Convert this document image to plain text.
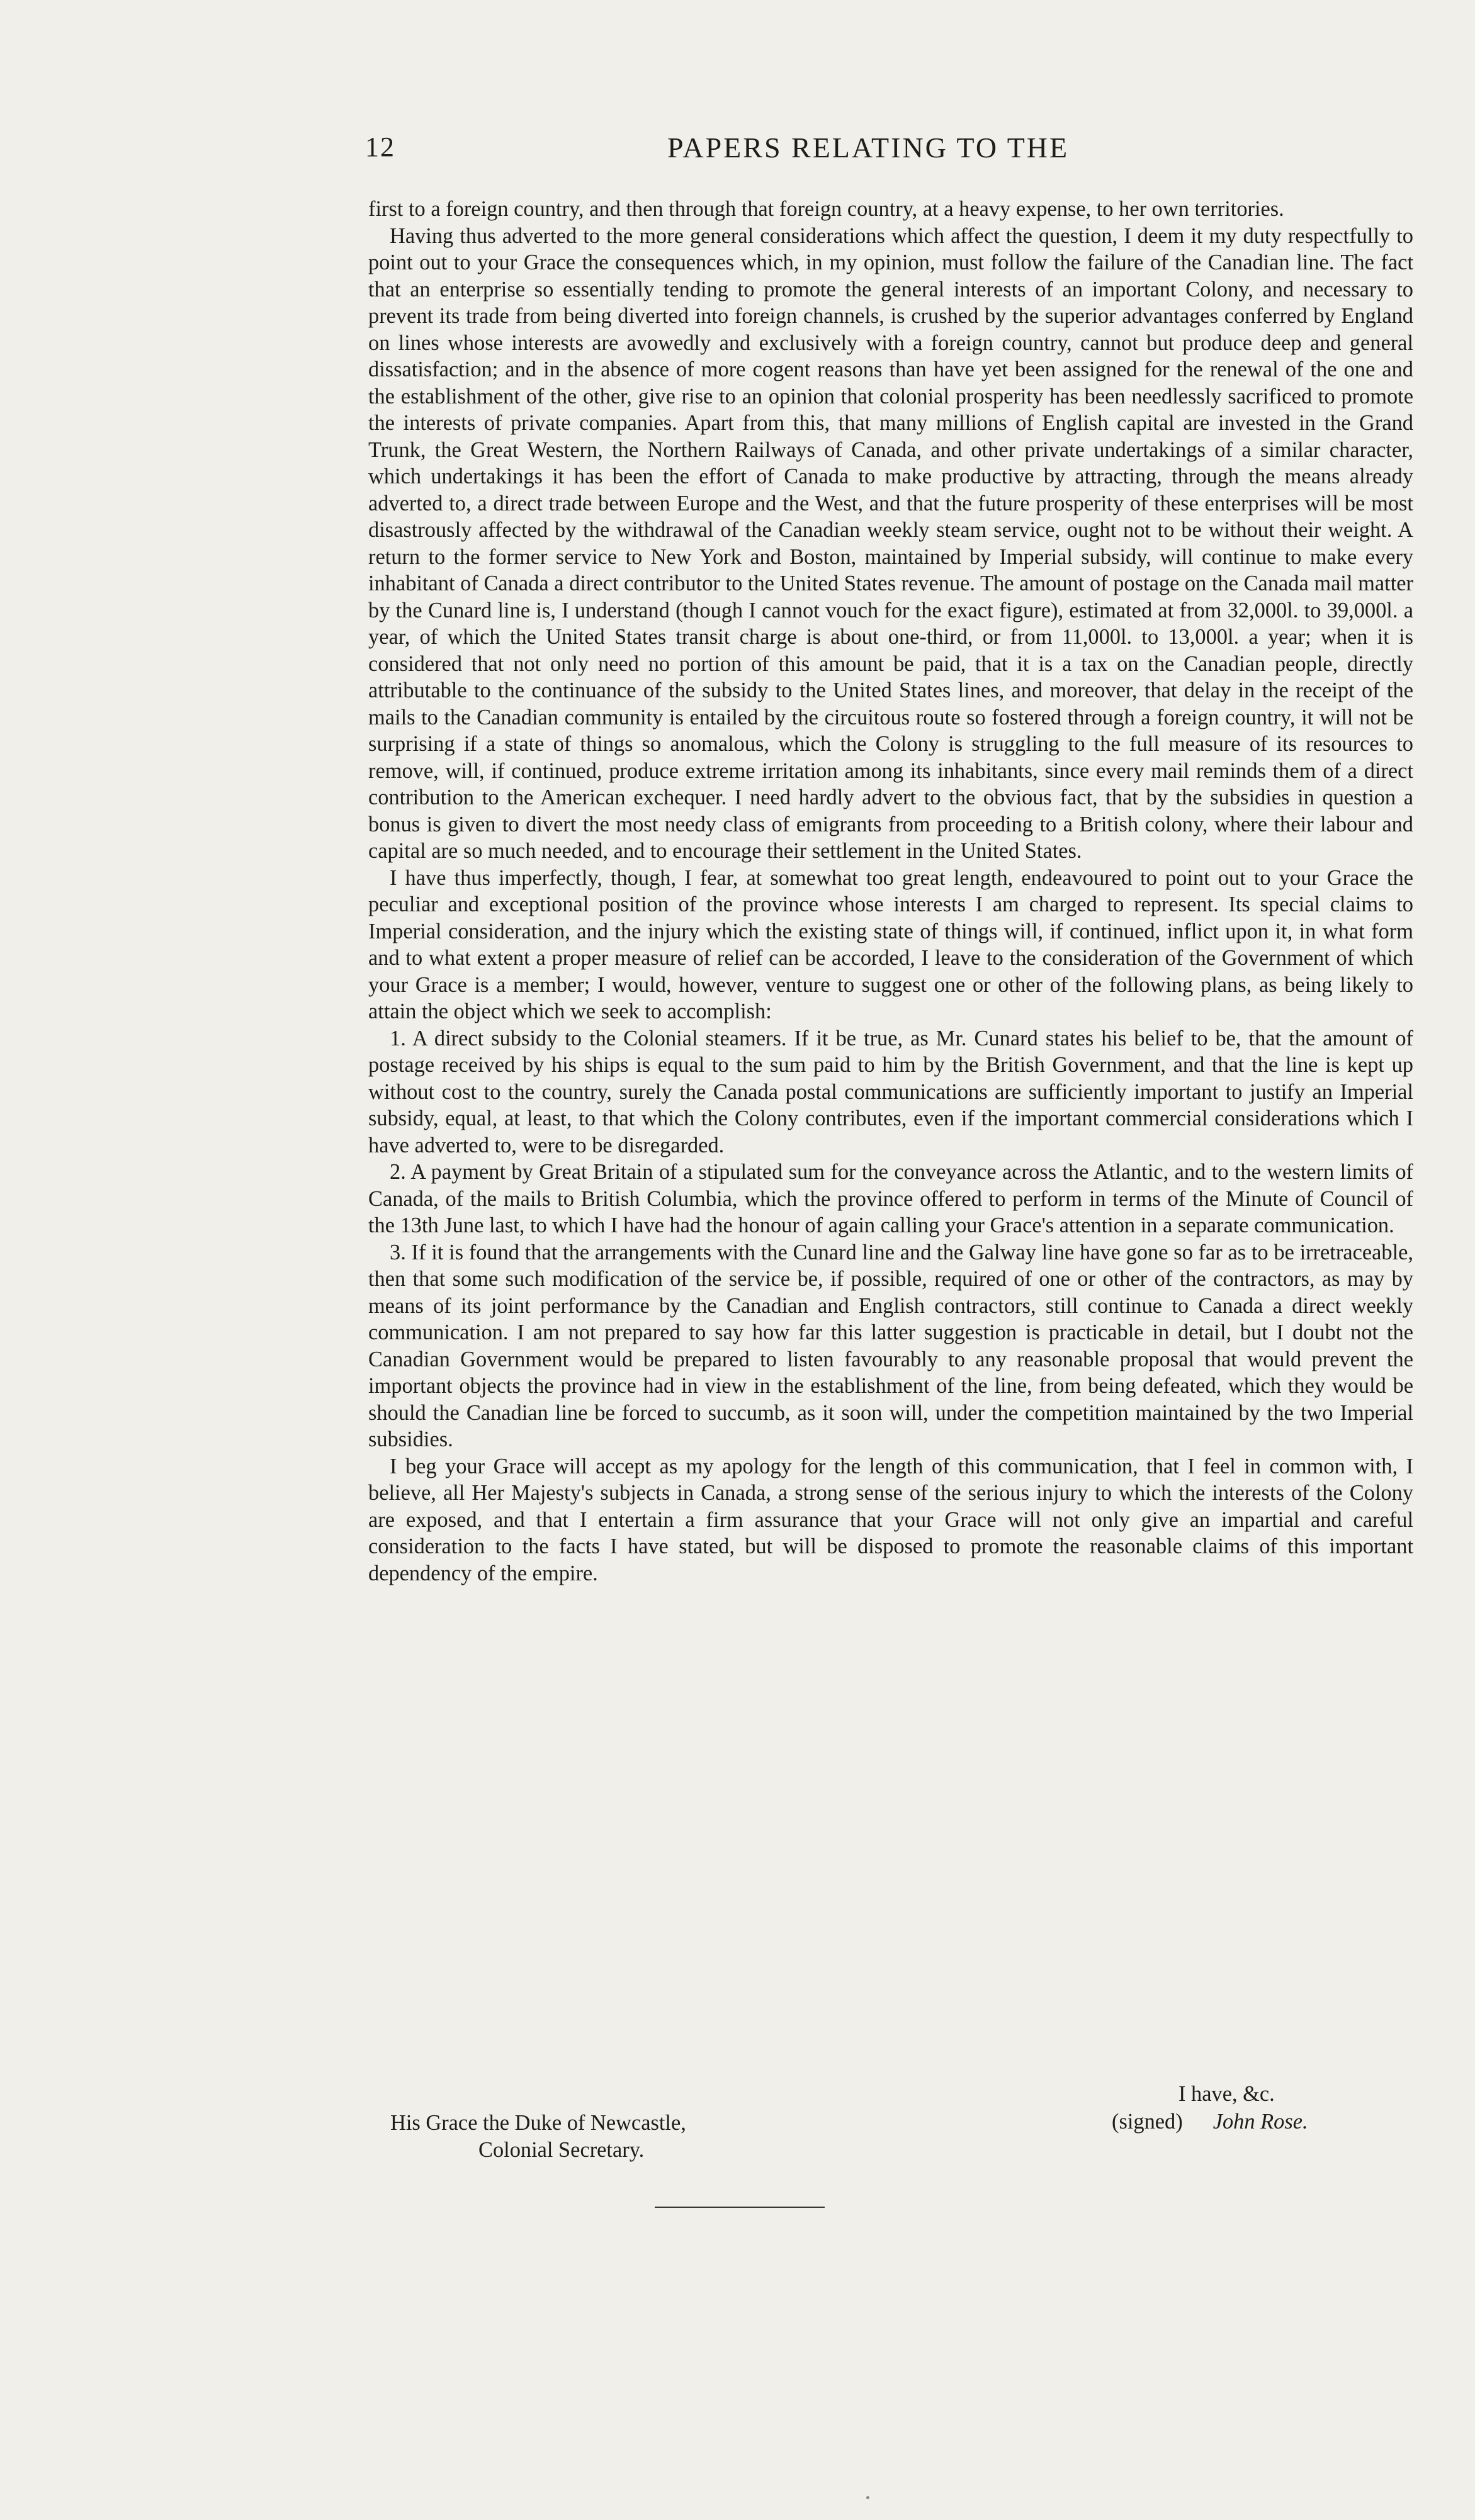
12	PAPERS RELATING TO THE

first to a foreign country, and then through that foreign country, at a heavy expense, to her own territories.

Having thus adverted to the more general considerations which affect the question, I deem it my duty respectfully to point out to your Grace the consequences which, in my opinion, must follow the failure of the Canadian line. The fact that an enterprise so essentially tending to promote the general interests of an important Colony, and necessary to prevent its trade from being diverted into foreign channels, is crushed by the superior advantages conferred by England on lines whose interests are avowedly and exclusively with a foreign country, cannot but produce deep and general dissatisfaction; and in the absence of more cogent reasons than have yet been assigned for the renewal of the one and the establishment of the other, give rise to an opinion that colonial prosperity has been needlessly sacrificed to promote the interests of private companies. Apart from this, that many millions of English capital are invested in the Grand Trunk, the Great Western, the Northern Railways of Canada, and other private undertakings of a similar character, which undertakings it has been the effort of Canada to make productive by attracting, through the means already adverted to, a direct trade between Europe and the West, and that the future prosperity of these enterprises will be most disastrously affected by the withdrawal of the Canadian weekly steam service, ought not to be without their weight. A return to the former service to New York and Boston, maintained by Imperial subsidy, will continue to make every inhabitant of Canada a direct contributor to the United States revenue. The amount of postage on the Canada mail matter by the Cunard line is, I understand (though I cannot vouch for the exact figure), estimated at from 32,000l. to 39,000l. a year, of which the United States transit charge is about one-third, or from 11,000l. to 13,000l. a year; when it is considered that not only need no portion of this amount be paid, that it is a tax on the Canadian people, directly attributable to the continuance of the subsidy to the United States lines, and moreover, that delay in the receipt of the mails to the Canadian community is entailed by the circuitous route so fostered through a foreign country, it will not be surprising if a state of things so anomalous, which the Colony is struggling to the full measure of its resources to remove, will, if continued, produce extreme irritation among its inhabitants, since every mail reminds them of a direct contribution to the American exchequer. I need hardly advert to the obvious fact, that by the subsidies in question a bonus is given to divert the most needy class of emigrants from proceeding to a British colony, where their labour and capital are so much needed, and to encourage their settlement in the United States.

I have thus imperfectly, though, I fear, at somewhat too great length, endeavoured to point out to your Grace the peculiar and exceptional position of the province whose interests I am charged to represent. Its special claims to Imperial consideration, and the injury which the existing state of things will, if continued, inflict upon it, in what form and to what extent a proper measure of relief can be accorded, I leave to the consideration of the Government of which your Grace is a member; I would, however, venture to suggest one or other of the following plans, as being likely to attain the object which we seek to accomplish:

1. A direct subsidy to the Colonial steamers. If it be true, as Mr. Cunard states his belief to be, that the amount of postage received by his ships is equal to the sum paid to him by the British Government, and that the line is kept up without cost to the country, surely the Canada postal communications are sufficiently important to justify an Imperial subsidy, equal, at least, to that which the Colony contributes, even if the important commercial considerations which I have adverted to, were to be disregarded.

2. A payment by Great Britain of a stipulated sum for the conveyance across the Atlantic, and to the western limits of Canada, of the mails to British Columbia, which the province offered to perform in terms of the Minute of Council of the 13th June last, to which I have had the honour of again calling your Grace's attention in a separate communication.

3. If it is found that the arrangements with the Cunard line and the Galway line have gone so far as to be irretraceable, then that some such modification of the service be, if possible, required of one or other of the contractors, as may by means of its joint performance by the Canadian and English contractors, still continue to Canada a direct weekly communication. I am not prepared to say how far this latter suggestion is practicable in detail, but I doubt not the Canadian Government would be prepared to listen favourably to any reasonable proposal that would prevent the important objects the province had in view in the establishment of the line, from being defeated, which they would be should the Canadian line be forced to succumb, as it soon will, under the competition maintained by the two Imperial subsidies.

I beg your Grace will accept as my apology for the length of this communication, that I feel in common with, I believe, all Her Majesty's subjects in Canada, a strong sense of the serious injury to which the interests of the Colony are exposed, and that I entertain a firm assurance that your Grace will not only give an impartial and careful consideration to the facts I have stated, but will be disposed to promote the reasonable claims of this important dependency of the empire.

I have, &c.
His Grace the Duke of Newcastle,
Colonial Secretary.
(signed) John Rose.
